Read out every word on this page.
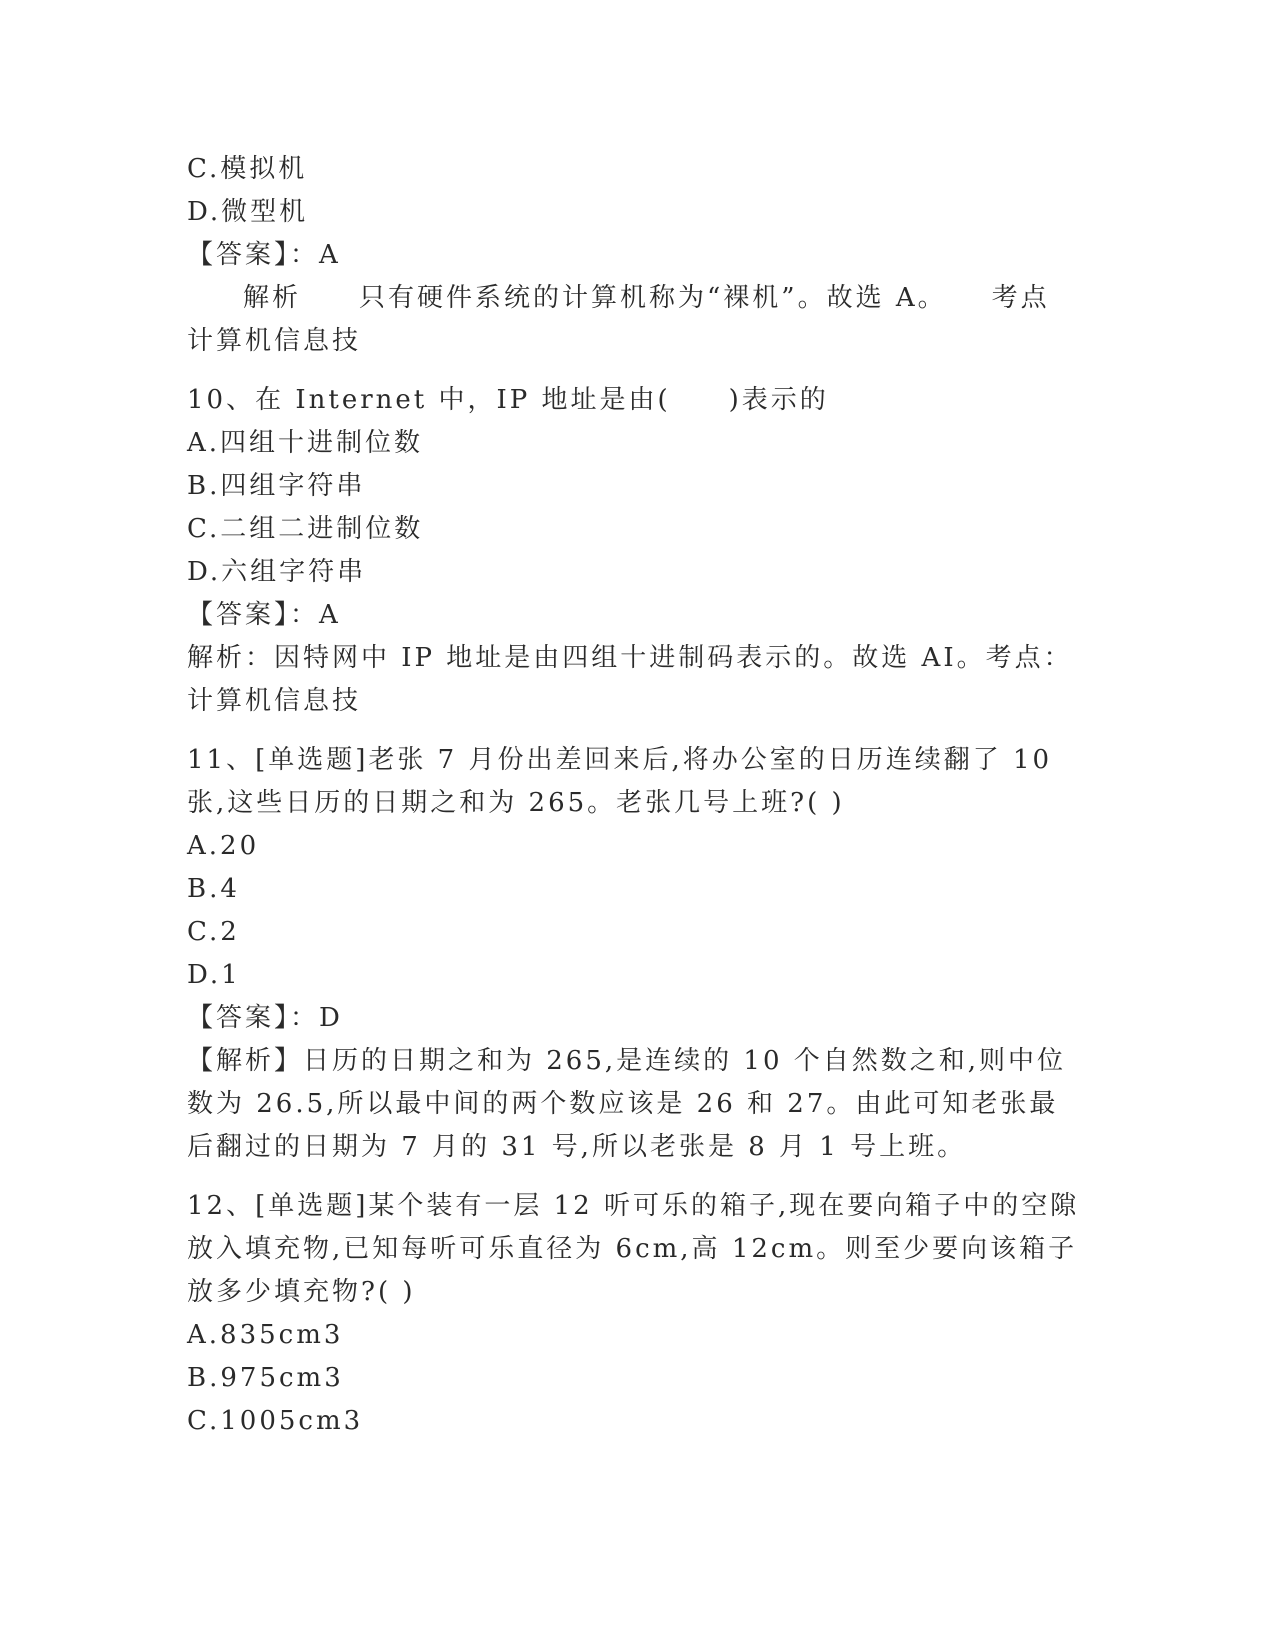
C.模拟机
D.微型机
【答案】：A
解析　　只有硬件系统的计算机称为“裸机”。故选 A。　　考点
计算机信息技
10、在 Internet 中，IP 地址是由(　　)表示的
A.四组十进制位数
B.四组字符串
C.二组二进制位数
D.六组字符串
【答案】：A
解析：因特网中 IP 地址是由四组十进制码表示的。故选 AI。考点：计算机信息技
11、[单选题]老张 7 月份出差回来后,将办公室的日历连续翻了 10 张,这些日历的日期之和为 265。老张几号上班?( )
A.20
B.4
C.2
D.1
【答案】：D
【解析】日历的日期之和为 265,是连续的 10 个自然数之和,则中位数为 26.5,所以最中间的两个数应该是 26 和 27。由此可知老张最后翻过的日期为 7 月的 31 号,所以老张是 8 月 1 号上班。
12、[单选题]某个装有一层 12 听可乐的箱子,现在要向箱子中的空隙放入填充物,已知每听可乐直径为 6cm,高 12cm。则至少要向该箱子放多少填充物?( )
A.835cm3
B.975cm3
C.1005cm3
